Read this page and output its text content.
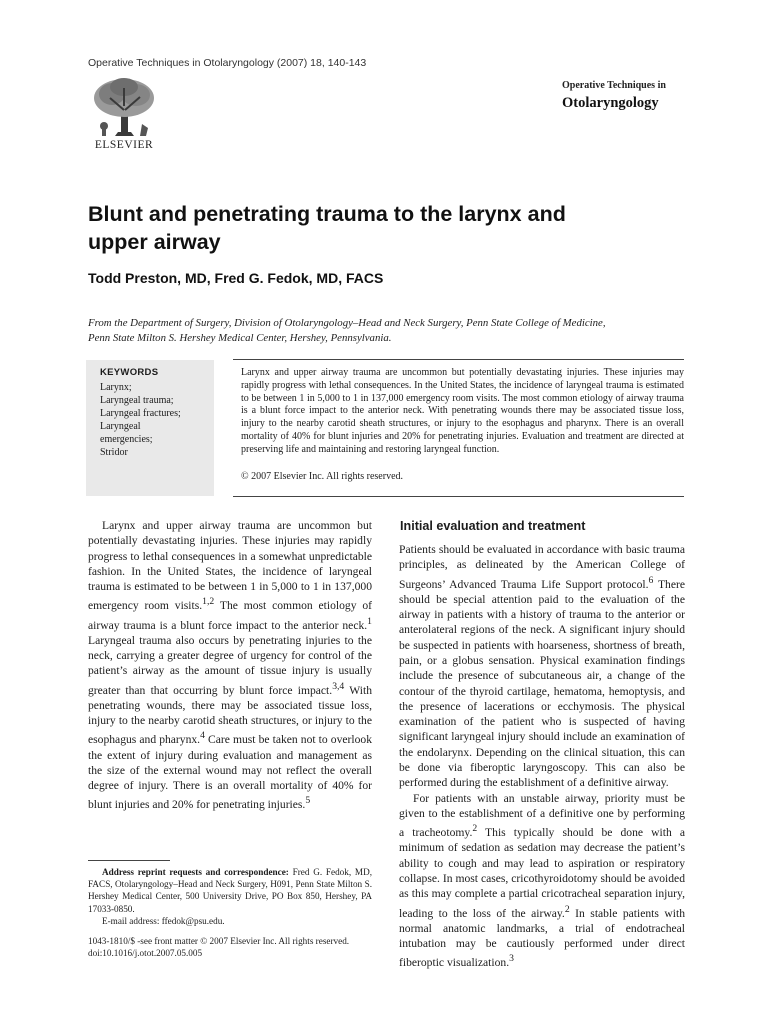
Operative Techniques in Otolaryngology (2007) 18, 140-143
ELSEVIER
Operative Techniques in
Otolaryngology
Blunt and penetrating trauma to the larynx and
upper airway
Todd Preston, MD, Fred G. Fedok, MD, FACS
From the Department of Surgery, Division of Otolaryngology–Head and Neck Surgery, Penn State College of Medicine,
Penn State Milton S. Hershey Medical Center, Hershey, Pennsylvania.
KEYWORDS
Larynx;
Laryngeal trauma;
Laryngeal fractures;
Laryngeal
emergencies;
Stridor
Larynx and upper airway trauma are uncommon but potentially devastating injuries. These injuries may rapidly progress with lethal consequences. In the United States, the incidence of laryngeal trauma is estimated to be between 1 in 5,000 to 1 in 137,000 emergency room visits. The most common etiology of airway trauma is a blunt force impact to the anterior neck. With penetrating wounds there may be associated tissue loss, injury to the nearby carotid sheath structures, or injury to the esophagus and pharynx. There is an overall mortality of 40% for blunt injuries and 20% for penetrating injuries. Evaluation and treatment are directed at preserving life and maintaining and restoring laryngeal function.
© 2007 Elsevier Inc. All rights reserved.

Larynx and upper airway trauma are uncommon but potentially devastating injuries. These injuries may rapidly progress to lethal consequences in a somewhat unpredictable fashion. In the United States, the incidence of laryngeal trauma is estimated to be between 1 in 5,000 to 1 in 137,000 emergency room visits.$^{1,2}$ The most common etiology of airway trauma is a blunt force impact to the anterior neck.$^1$ Laryngeal trauma also occurs by penetrating injuries to the neck, carrying a greater degree of urgency for control of the patient’s airway as the amount of tissue injury is usually greater than that occurring by blunt force impact.$^{3,4}$ With penetrating wounds, there may be associated tissue loss, injury to the nearby carotid sheath structures, or injury to the esophagus and pharynx.$^4$ Care must be taken not to overlook the extent of injury during evaluation and management as the size of the external wound may not reflect the overall degree of injury. There is an overall mortality of 40% for blunt injuries and 20% for penetrating injuries.$^5$

Initial evaluation and treatment

Patients should be evaluated in accordance with basic trauma principles, as delineated by the American College of Surgeons’ Advanced Trauma Life Support protocol.$^6$ There should be special attention paid to the evaluation of the airway in patients with a history of trauma to the anterior or anterolateral regions of the neck. A significant injury should be suspected in patients with hoarseness, shortness of breath, pain, or a globus sensation. Physical examination findings include the presence of subcutaneous air, a change of the contour of the thyroid cartilage, hematoma, hemoptysis, and the presence of lacerations or ecchymosis. The physical examination of the patient who is suspected of having significant laryngeal injury should include an examination of the endolarynx. Depending on the clinical situation, this can be done via fiberoptic laryngoscopy. This can also be performed during the establishment of a definitive airway.

For patients with an unstable airway, priority must be given to the establishment of a definitive one by performing a tracheotomy.$^2$ This typically should be done with a minimum of sedation as sedation may decrease the patient’s ability to cough and may lead to aspiration or respiratory collapse. In most cases, cricothyroidotomy should be avoided as this may complete a partial cricotracheal separation injury, leading to the loss of the airway.$^2$ In stable patients with normal anatomic landmarks, a trial of endotracheal intubation may be cautiously performed under direct fiberoptic visualization.$^3$

Address reprint requests and correspondence: Fred G. Fedok, MD, FACS, Otolaryngology–Head and Neck Surgery, H091, Penn State Milton S. Hershey Medical Center, 500 University Drive, PO Box 850, Hershey, PA 17033-0850.

E-mail address: ffedok@psu.edu.

1043-1810/$ -see front matter © 2007 Elsevier Inc. All rights reserved.
doi:10.1016/j.otot.2007.05.005
